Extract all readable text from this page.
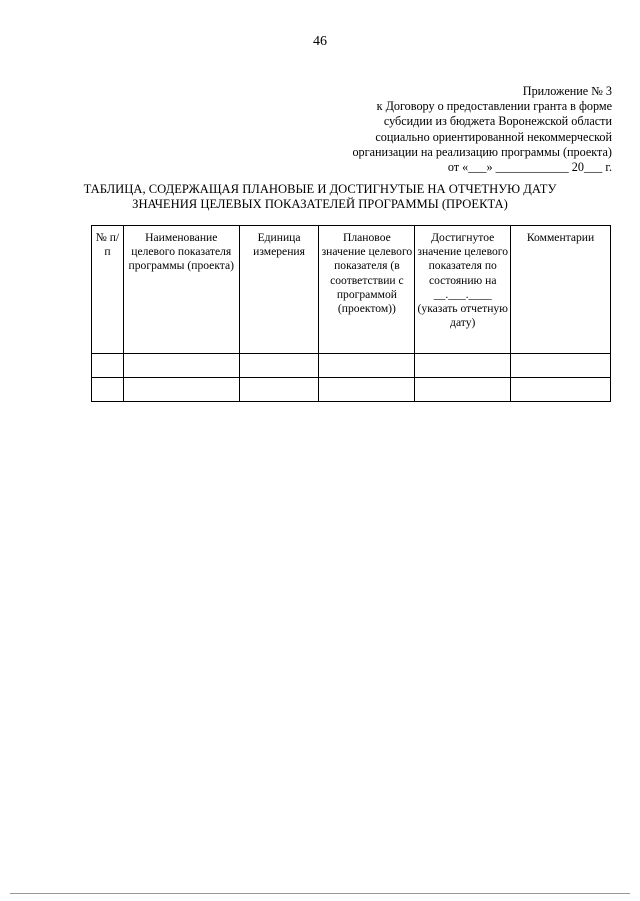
46
Приложение № 3
к Договору о предоставлении гранта в форме
субсидии из бюджета Воронежской области
социально ориентированной некоммерческой
организации на реализацию программы (проекта)
от «___» ____________ 20___ г.
ТАБЛИЦА, СОДЕРЖАЩАЯ ПЛАНОВЫЕ И ДОСТИГНУТЫЕ НА ОТЧЕТНУЮ ДАТУ
ЗНАЧЕНИЯ ЦЕЛЕВЫХ ПОКАЗАТЕЛЕЙ ПРОГРАММЫ (ПРОЕКТА)
№ п/п	Наименование целевого показателя программы (проекта)	Единица измерения	Плановое значение целевого показателя (в соответствии с программой (проектом))	Достигнутое значение целевого показателя по состоянию на __.___.____ (указать отчетную дату)	Комментарии
